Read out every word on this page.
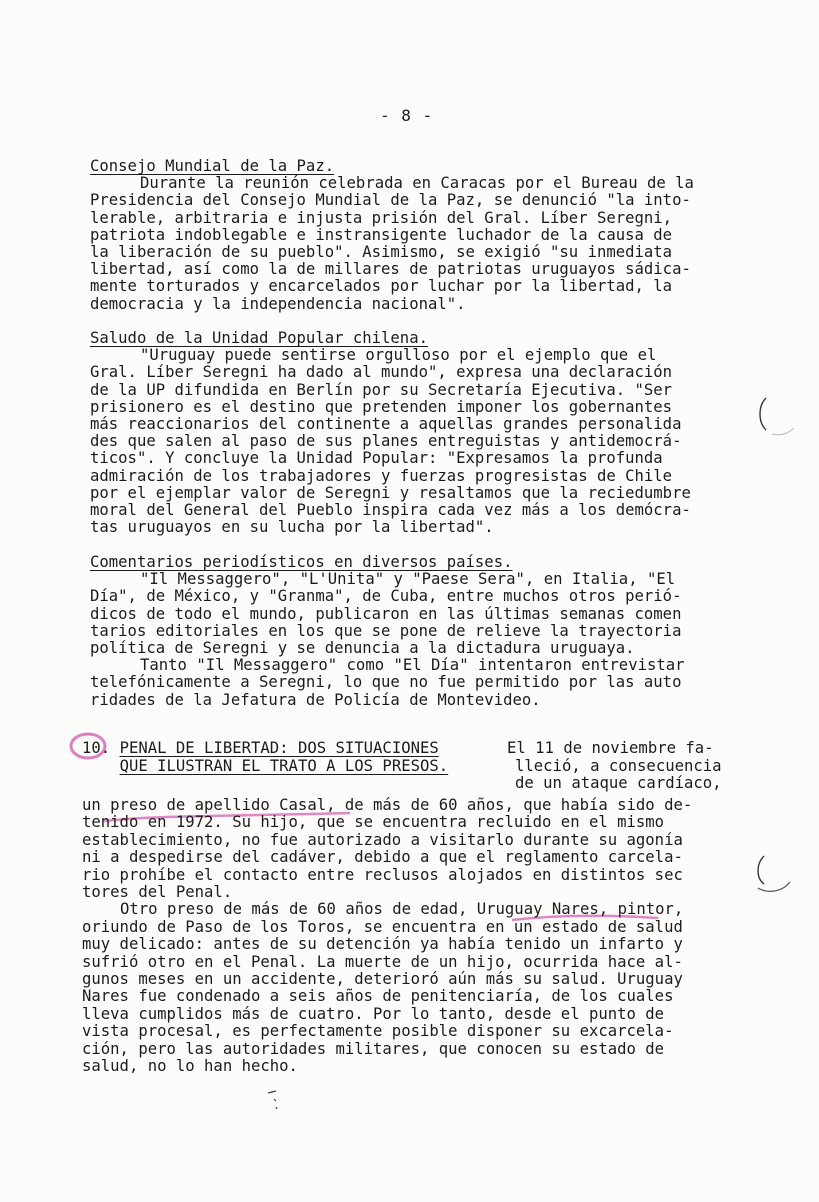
- 8 -
Consejo Mundial de la Paz.
Durante la reunión celebrada en Caracas por el Bureau de la
Presidencia del Consejo Mundial de la Paz, se denunció "la into-
lerable, arbitraria e injusta prisión del Gral. Líber Seregni,
patriota indoblegable e instransigente luchador de la causa de
la liberación de su pueblo". Asimismo, se exigió "su inmediata
libertad, así como la de millares de patriotas uruguayos sádica-
mente torturados y encarcelados por luchar por la libertad, la
democracia y la independencia nacional".
Saludo de la Unidad Popular chilena.
"Uruguay puede sentirse orgulloso por el ejemplo que el
Gral. Líber Seregni ha dado al mundo", expresa una declaración
de la UP difundida en Berlín por su Secretaría Ejecutiva. "Ser
prisionero es el destino que pretenden imponer los gobernantes
más reaccionarios del continente a aquellas grandes personalida
des que salen al paso de sus planes entreguistas y antidemocrá-
ticos". Y concluye la Unidad Popular: "Expresamos la profunda
admiración de los trabajadores y fuerzas progresistas de Chile
por el ejemplar valor de Seregni y resaltamos que la reciedumbre
moral del General del Pueblo inspira cada vez más a los demócra-
tas uruguayos en su lucha por la libertad".
Comentarios periodísticos en diversos países.
"Il Messaggero", "L'Unita" y "Paese Sera", en Italia, "El
Día", de México, y "Granma", de Cuba, entre muchos otros perió-
dicos de todo el mundo, publicaron en las últimas semanas comen
tarios editoriales en los que se pone de relieve la trayectoria
política de Seregni y se denuncia a la dictadura uruguaya.
Tanto "Il Messaggero" como "El Día" intentaron entrevistar
telefónicamente a Seregni, lo que no fue permitido por las auto
ridades de la Jefatura de Policía de Montevideo.
10. PENAL DE LIBERTAD: DOS SITUACIONES
QUE ILUSTRAN EL TRATO A LOS PRESOS.
El 11 de noviembre fa-
lleció, a consecuencia
de un ataque cardíaco,
un preso de apellido Casal, de más de 60 años, que había sido de-
tenido en 1972. Su hijo, que se encuentra recluido en el mismo
establecimiento, no fue autorizado a visitarlo durante su agonía
ni a despedirse del cadáver, debido a que el reglamento carcela-
rio prohíbe el contacto entre reclusos alojados en distintos sec
tores del Penal.
Otro preso de más de 60 años de edad, Uruguay Nares, pintor,
oriundo de Paso de los Toros, se encuentra en un estado de salud
muy delicado: antes de su detención ya había tenido un infarto y
sufrió otro en el Penal. La muerte de un hijo, ocurrida hace al-
gunos meses en un accidente, deterioró aún más su salud. Uruguay
Nares fue condenado a seis años de penitenciaría, de los cuales
lleva cumplidos más de cuatro. Por lo tanto, desde el punto de
vista procesal, es perfectamente posible disponer su excarcela-
ción, pero las autoridades militares, que conocen su estado de
salud, no lo han hecho.
